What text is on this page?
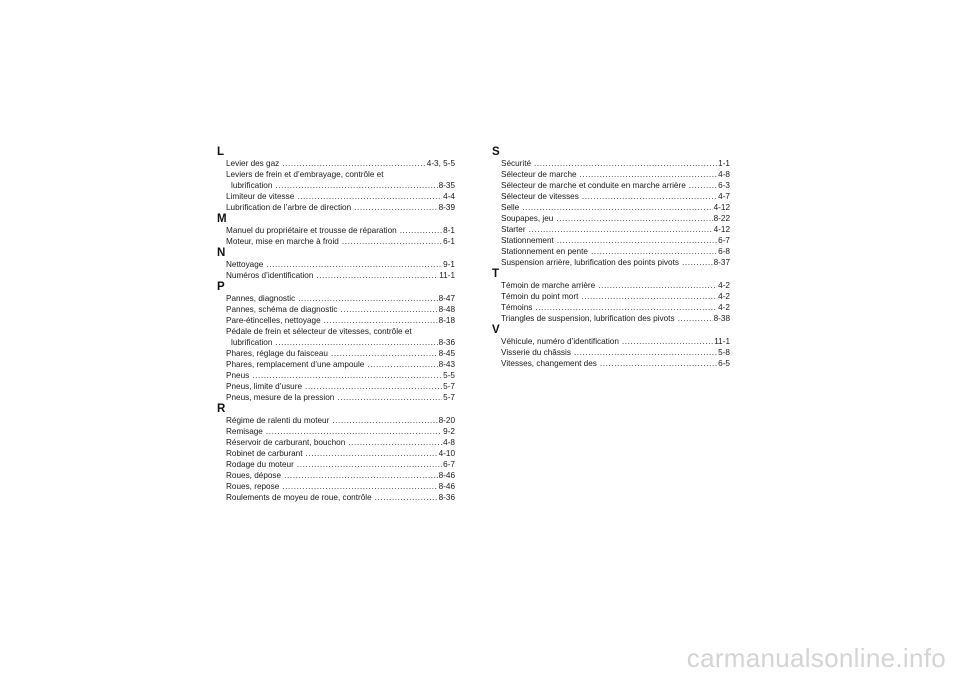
L
Levier des gaz .....	4-3, 5-5
Leviers de frein et d’embrayage, contrôle et
lubrification .....	8-35
Limiteur de vitesse .....	4-4
Lubrification de l’arbre de direction .....	8-39
M
Manuel du propriétaire et trousse de réparation .....	8-1
Moteur, mise en marche à froid .....	6-1
N
Nettoyage .....	9-1
Numéros d’identification .....	11-1
P
Pannes, diagnostic .....	8-47
Pannes, schéma de diagnostic .....	8-48
Pare-étincelles, nettoyage .....	8-18
Pédale de frein et sélecteur de vitesses, contrôle et
lubrification .....	8-36
Phares, réglage du faisceau .....	8-45
Phares, remplacement d’une ampoule .....	8-43
Pneus .....	5-5
Pneus, limite d’usure .....	5-7
Pneus, mesure de la pression .....	5-7
R
Régime de ralenti du moteur .....	8-20
Remisage .....	9-2
Réservoir de carburant, bouchon .....	4-8
Robinet de carburant .....	4-10
Rodage du moteur .....	6-7
Roues, dépose .....	8-46
Roues, repose .....	8-46
Roulements de moyeu de roue, contrôle .....	8-36
S
Sécurité .....	1-1
Sélecteur de marche .....	4-8
Sélecteur de marche et conduite en marche arrière .....	6-3
Sélecteur de vitesses .....	4-7
Selle .....	4-12
Soupapes, jeu .....	8-22
Starter .....	4-12
Stationnement .....	6-7
Stationnement en pente .....	6-8
Suspension arrière, lubrification des points pivots .....	8-37
T
Témoin de marche arrière .....	4-2
Témoin du point mort .....	4-2
Témoins .....	4-2
Triangles de suspension, lubrification des pivots .....	8-38
V
Véhicule, numéro d’identification .....	11-1
Visserie du châssis .....	5-8
Vitesses, changement des .....	6-5
carmanualsonline.info
